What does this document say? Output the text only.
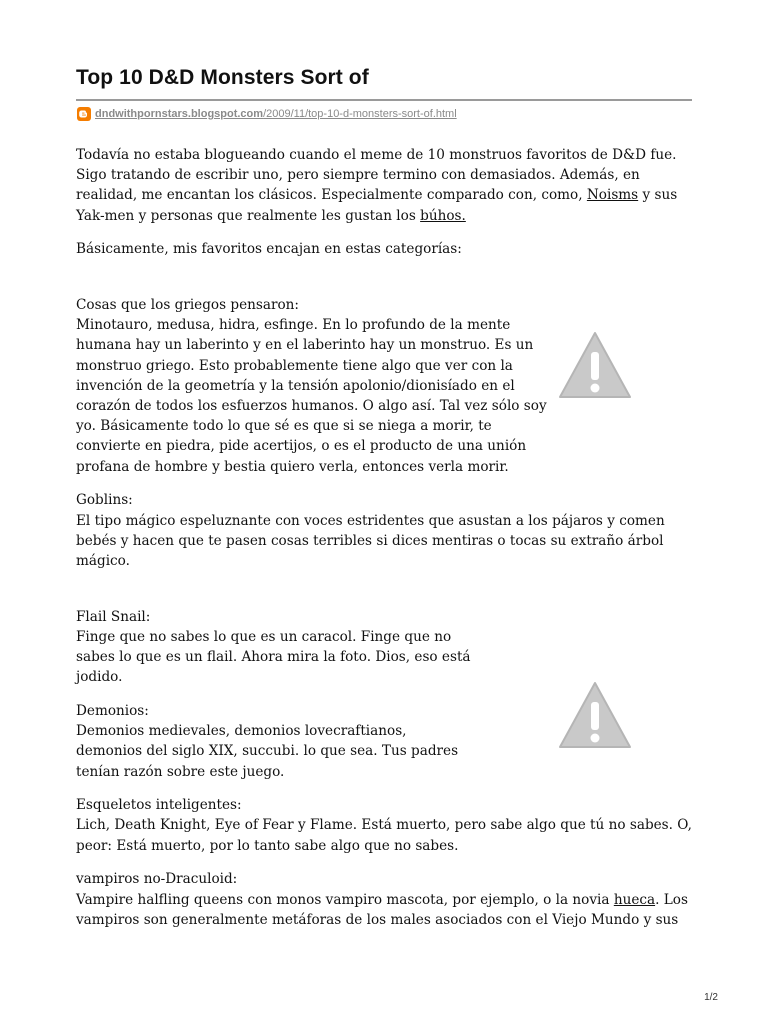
Top 10 D&D Monsters Sort of
dndwithpornstars.blogspot.com/2009/11/top-10-d-monsters-sort-of.html

Todavía no estaba blogueando cuando el meme de 10 monstruos favoritos de D&D fue. Sigo tratando de escribir uno, pero siempre termino con demasiados. Además, en realidad, me encantan los clásicos. Especialmente comparado con, como, Noisms y sus Yak-men y personas que realmente les gustan los búhos.

Básicamente, mis favoritos encajan en estas categorías:

Cosas que los griegos pensaron:
Minotauro, medusa, hidra, esfinge. En lo profundo de la mente humana hay un laberinto y en el laberinto hay un monstruo. Es un monstruo griego. Esto probablemente tiene algo que ver con la invención de la geometría y la tensión apolonio/dionisíado en el corazón de todos los esfuerzos humanos. O algo así. Tal vez sólo soy yo. Básicamente todo lo que sé es que si se niega a morir, te convierte en piedra, pide acertijos, o es el producto de una unión profana de hombre y bestia quiero verla, entonces verla morir.

Goblins:
El tipo mágico espeluznante con voces estridentes que asustan a los pájaros y comen bebés y hacen que te pasen cosas terribles si dices mentiras o tocas su extraño árbol mágico.

Flail Snail:
Finge que no sabes lo que es un caracol. Finge que no sabes lo que es un flail. Ahora mira la foto. Dios, eso está jodido.

Demonios:
Demonios medievales, demonios lovecraftianos, demonios del siglo XIX, succubi. lo que sea. Tus padres tenían razón sobre este juego.

Esqueletos inteligentes:
Lich, Death Knight, Eye of Fear y Flame. Está muerto, pero sabe algo que tú no sabes. O, peor: Está muerto, por lo tanto sabe algo que no sabes.

vampiros no-Draculoid:
Vampire halfling queens con monos vampiro mascota, por ejemplo, o la novia hueca. Los vampiros son generalmente metáforas de los males asociados con el Viejo Mundo y sus

1/2
